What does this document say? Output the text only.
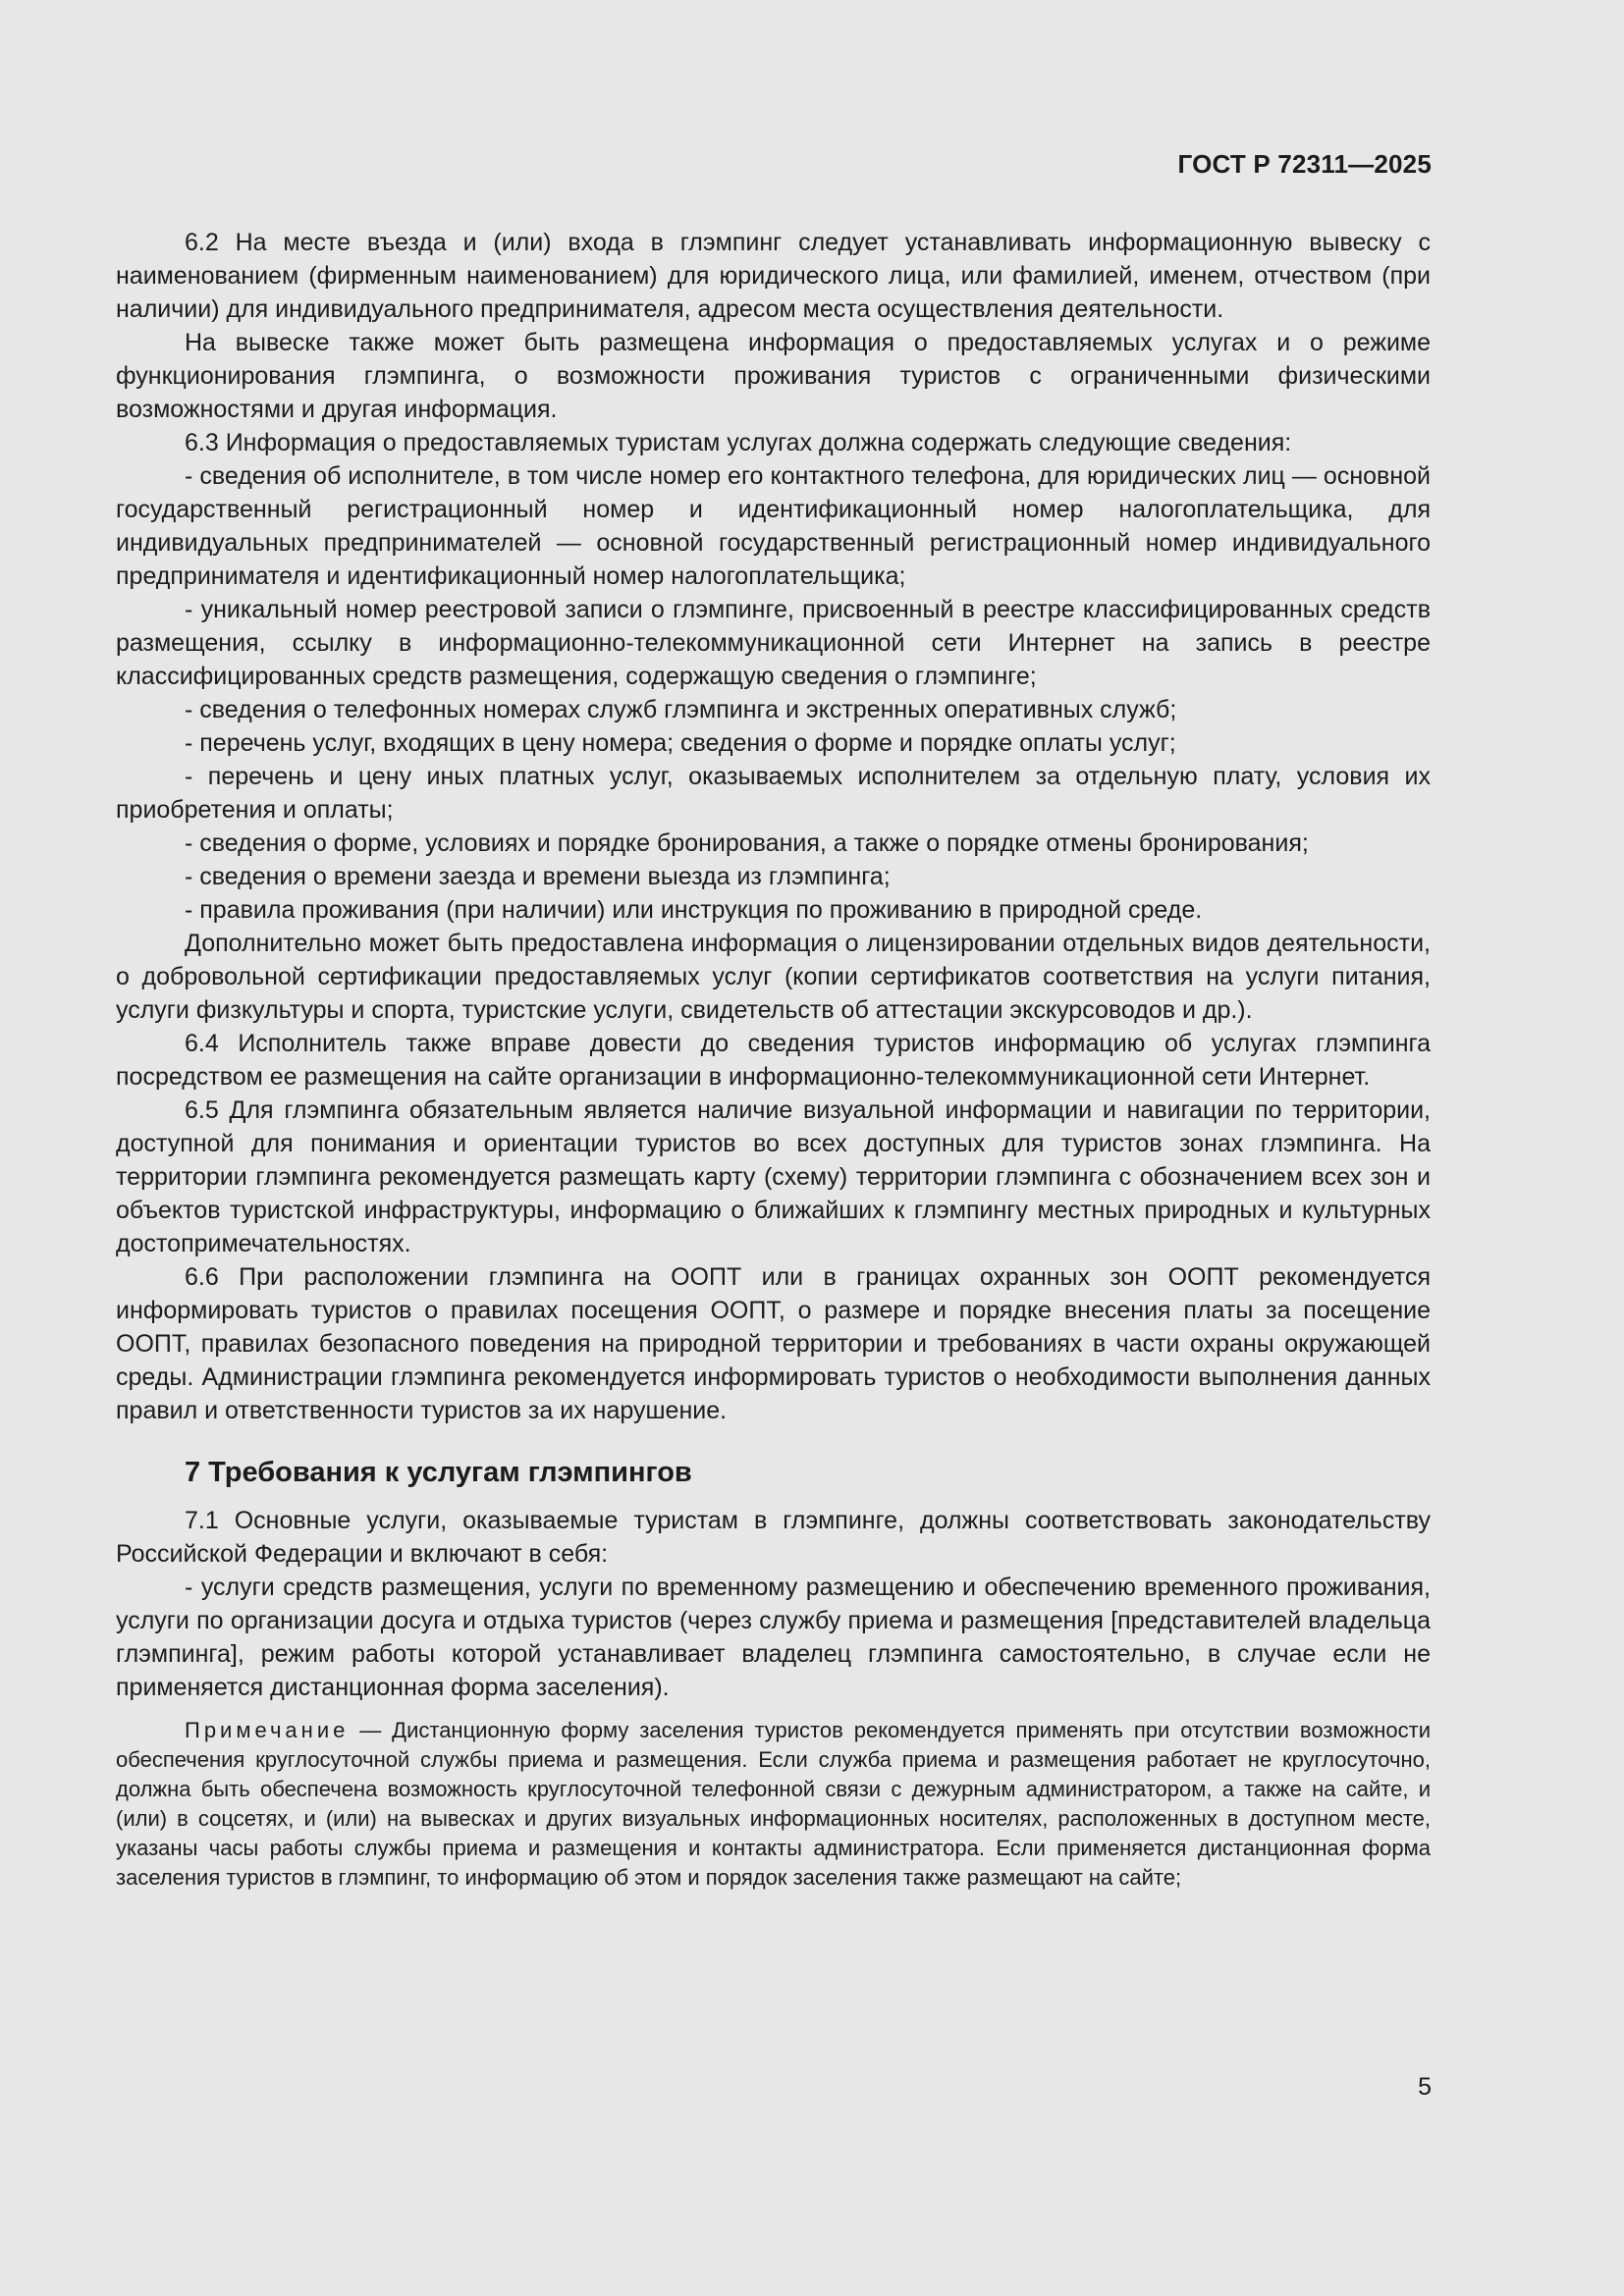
ГОСТ Р 72311—2025

6.2 На месте въезда и (или) входа в глэмпинг следует устанавливать информационную вывеску с наименованием (фирменным наименованием) для юридического лица, или фамилией, именем, отчеством (при наличии) для индивидуального предпринимателя, адресом места осуществления деятельности.

На вывеске также может быть размещена информация о предоставляемых услугах и о режиме функционирования глэмпинга, о возможности проживания туристов с ограниченными физическими возможностями и другая информация.

6.3 Информация о предоставляемых туристам услугах должна содержать следующие сведения:

- сведения об исполнителе, в том числе номер его контактного телефона, для юридических лиц — основной государственный регистрационный номер и идентификационный номер налогоплательщика, для индивидуальных предпринимателей — основной государственный регистрационный номер индивидуального предпринимателя и идентификационный номер налогоплательщика;

- уникальный номер реестровой записи о глэмпинге, присвоенный в реестре классифицированных средств размещения, ссылку в информационно-телекоммуникационной сети Интернет на запись в реестре классифицированных средств размещения, содержащую сведения о глэмпинге;

- сведения о телефонных номерах служб глэмпинга и экстренных оперативных служб;

- перечень услуг, входящих в цену номера; сведения о форме и порядке оплаты услуг;

- перечень и цену иных платных услуг, оказываемых исполнителем за отдельную плату, условия их приобретения и оплаты;

- сведения о форме, условиях и порядке бронирования, а также о порядке отмены бронирования;

- сведения о времени заезда и времени выезда из глэмпинга;

- правила проживания (при наличии) или инструкция по проживанию в природной среде.

Дополнительно может быть предоставлена информация о лицензировании отдельных видов деятельности, о добровольной сертификации предоставляемых услуг (копии сертификатов соответствия на услуги питания, услуги физкультуры и спорта, туристские услуги, свидетельств об аттестации экскурсоводов и др.).

6.4 Исполнитель также вправе довести до сведения туристов информацию об услугах глэмпинга посредством ее размещения на сайте организации в информационно-телекоммуникационной сети Интернет.

6.5 Для глэмпинга обязательным является наличие визуальной информации и навигации по территории, доступной для понимания и ориентации туристов во всех доступных для туристов зонах глэмпинга. На территории глэмпинга рекомендуется размещать карту (схему) территории глэмпинга с обозначением всех зон и объектов туристской инфраструктуры, информацию о ближайших к глэмпингу местных природных и культурных достопримечательностях.

6.6 При расположении глэмпинга на ООПТ или в границах охранных зон ООПТ рекомендуется информировать туристов о правилах посещения ООПТ, о размере и порядке внесения платы за посещение ООПТ, правилах безопасного поведения на природной территории и требованиях в части охраны окружающей среды. Администрации глэмпинга рекомендуется информировать туристов о необходимости выполнения данных правил и ответственности туристов за их нарушение.

7 Требования к услугам глэмпингов

7.1 Основные услуги, оказываемые туристам в глэмпинге, должны соответствовать законодательству Российской Федерации и включают в себя:

- услуги средств размещения, услуги по временному размещению и обеспечению временного проживания, услуги по организации досуга и отдыха туристов (через службу приема и размещения [представителей владельца глэмпинга], режим работы которой устанавливает владелец глэмпинга самостоятельно, в случае если не применяется дистанционная форма заселения).

Примечание — Дистанционную форму заселения туристов рекомендуется применять при отсутствии возможности обеспечения круглосуточной службы приема и размещения. Если служба приема и размещения работает не круглосуточно, должна быть обеспечена возможность круглосуточной телефонной связи с дежурным администратором, а также на сайте, и (или) в соцсетях, и (или) на вывесках и других визуальных информационных носителях, расположенных в доступном месте, указаны часы работы службы приема и размещения и контакты администратора. Если применяется дистанционная форма заселения туристов в глэмпинг, то информацию об этом и порядок заселения также размещают на сайте;

5
